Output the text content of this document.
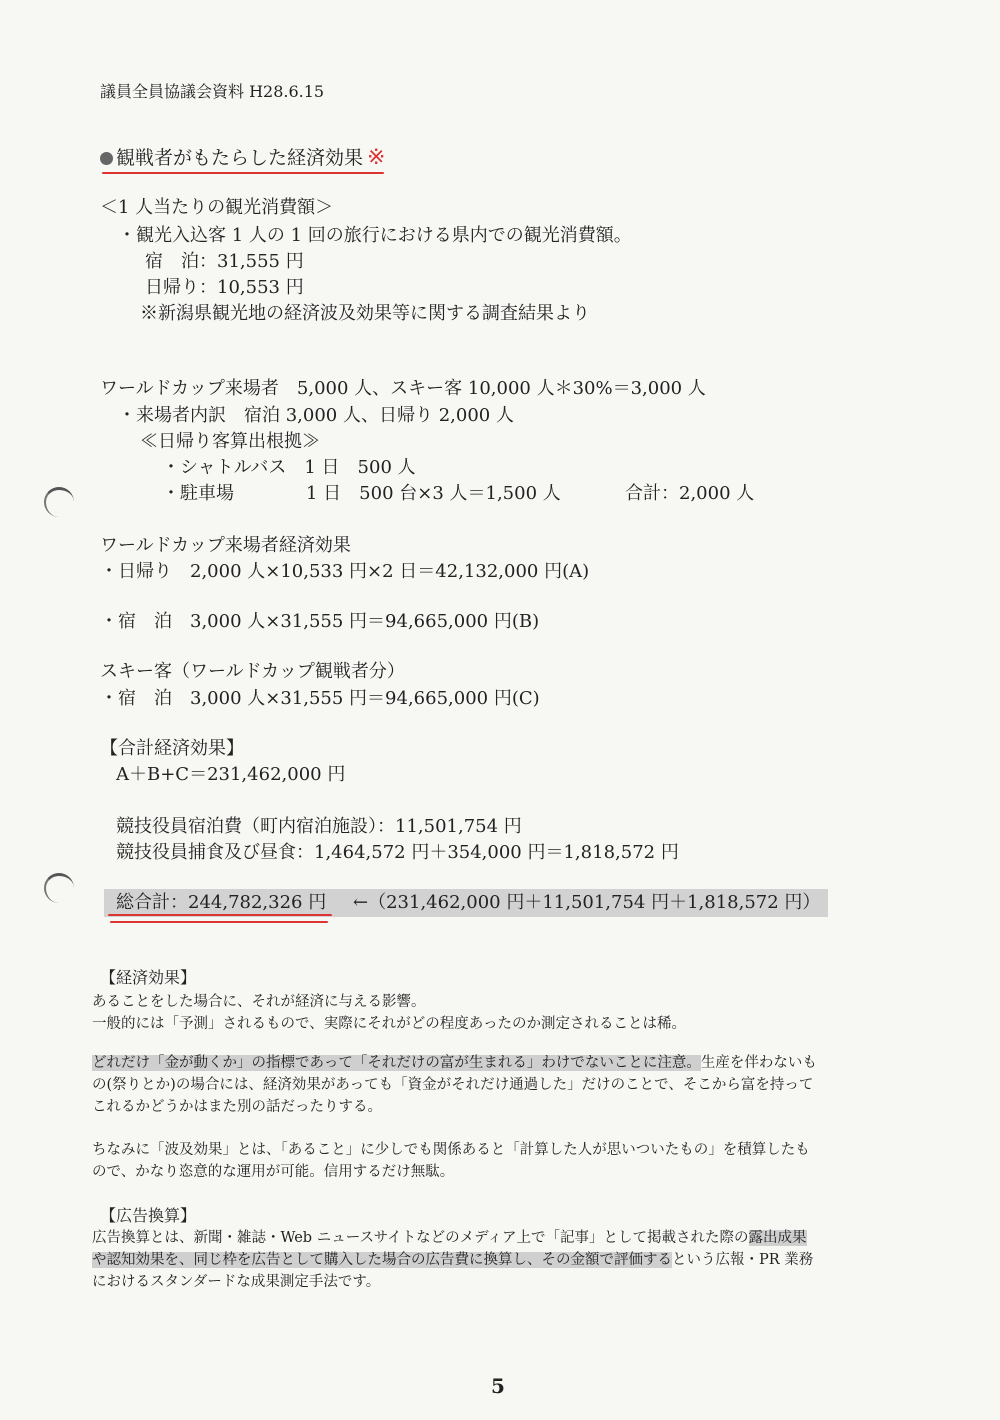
議員全員協議会資料 H28.6.15
観戦者がもたらした経済効果 ※
＜1 人当たりの観光消費額＞
・観光入込客 1 人の 1 回の旅行における県内での観光消費額。
宿　泊：31,555 円
日帰り：10,553 円
※新潟県観光地の経済波及効果等に関する調査結果より
ワールドカップ来場者　5,000 人、スキー客 10,000 人＊30%＝3,000 人
・来場者内訳　宿泊 3,000 人、日帰り 2,000 人
≪日帰り客算出根拠≫
・シャトルバス　1 日　500 人
・駐車場　　　　1 日　500 台×3 人＝1,500 人	合計：2,000 人
ワールドカップ来場者経済効果
・日帰り　2,000 人×10,533 円×2 日＝42,132,000 円(A)
・宿　泊　3,000 人×31,555 円＝94,665,000 円(B)
スキー客（ワールドカップ観戦者分）
・宿　泊　3,000 人×31,555 円＝94,665,000 円(C)
【合計経済効果】
A＋B+C＝231,462,000 円
競技役員宿泊費（町内宿泊施設）：11,501,754 円
競技役員捕食及び昼食：1,464,572 円＋354,000 円＝1,818,572 円
総合計：244,782,326 円 ←（231,462,000 円＋11,501,754 円＋1,818,572 円）
【経済効果】
あることをした場合に、それが経済に与える影響。
一般的には「予測」されるもので、実際にそれがどの程度あったのか測定されることは稀。
どれだけ「金が動くか」の指標であって「それだけの富が生まれる」わけでないことに注意。生産を伴わないも
の(祭りとか)の場合には、経済効果があっても「資金がそれだけ通過した」だけのことで、そこから富を持って
これるかどうかはまた別の話だったりする。
ちなみに「波及効果」とは、「あること」に少しでも関係あると「計算した人が思いついたもの」を積算したも
ので、かなり恣意的な運用が可能。信用するだけ無駄。
【広告換算】
広告換算とは、新聞・雑誌・Web ニュースサイトなどのメディア上で「記事」として掲載された際の露出成果
や認知効果を、同じ枠を広告として購入した場合の広告費に換算し、その金額で評価するという広報・PR 業務
におけるスタンダードな成果測定手法です。
5
